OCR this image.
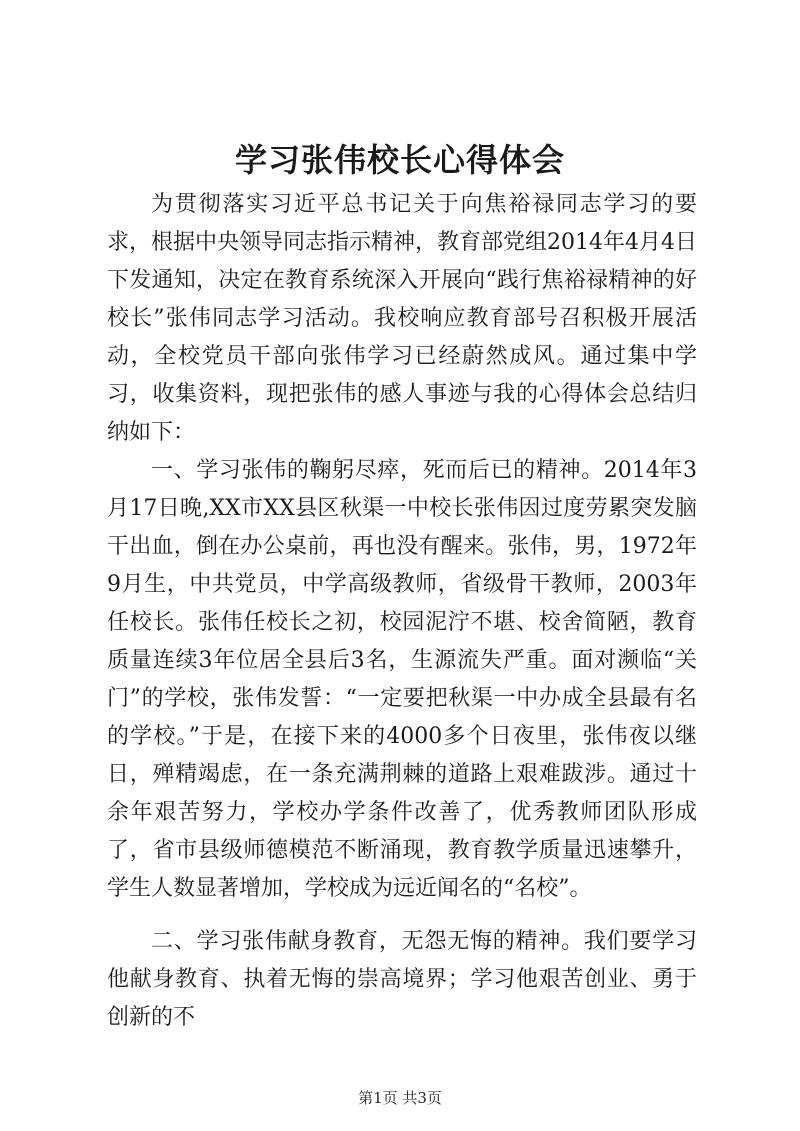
学习张伟校长心得体会

为贯彻落实习近平总书记关于向焦裕禄同志学习的要求，根据中央领导同志指示精神，教育部党组2014年4月4日下发通知，决定在教育系统深入开展向“践行焦裕禄精神的好校长”张伟同志学习活动。我校响应教育部号召积极开展活动，全校党员干部向张伟学习已经蔚然成风。通过集中学习，收集资料，现把张伟的感人事迹与我的心得体会总结归纳如下：

一、学习张伟的鞠躬尽瘁，死而后已的精神。2014年3月17日晚,XX市XX县区秋渠一中校长张伟因过度劳累突发脑干出血，倒在办公桌前，再也没有醒来。张伟，男，1972年9月生，中共党员，中学高级教师，省级骨干教师，2003年任校长。张伟任校长之初，校园泥泞不堪、校舍简陋，教育质量连续3年位居全县后3名，生源流失严重。面对濒临“关门”的学校，张伟发誓：“一定要把秋渠一中办成全县最有名的学校。”于是，在接下来的4000多个日夜里，张伟夜以继日，殚精竭虑，在一条充满荆棘的道路上艰难跋涉。通过十余年艰苦努力，学校办学条件改善了，优秀教师团队形成了，省市县级师德模范不断涌现，教育教学质量迅速攀升，学生人数显著增加，学校成为远近闻名的“名校”。

二、学习张伟献身教育，无怨无悔的精神。我们要学习他献身教育、执着无悔的崇高境界；学习他艰苦创业、勇于创新的不

第1页 共3页
